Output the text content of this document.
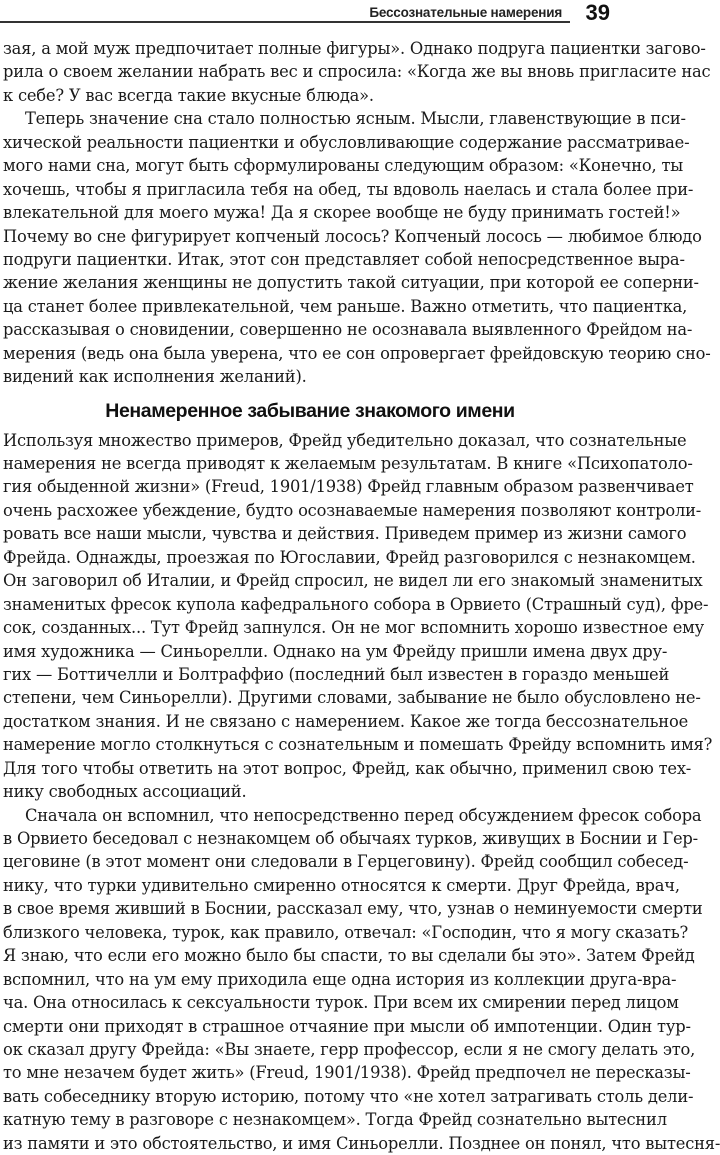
Бессознательные намерения 39
зая, а мой муж предпочитает полные фигуры». Однако подруга пациентки загово-
рила о своем желании набрать вес и спросила: «Когда же вы вновь пригласите нас
к себе? У вас всегда такие вкусные блюда».
Теперь значение сна стало полностью ясным. Мысли, главенствующие в пси-
хической реальности пациентки и обусловливающие содержание рассматривае-
мого нами сна, могут быть сформулированы следующим образом: «Конечно, ты
хочешь, чтобы я пригласила тебя на обед, ты вдоволь наелась и стала более при-
влекательной для моего мужа! Да я скорее вообще не буду принимать гостей!»
Почему во сне фигурирует копченый лосось? Копченый лосось — любимое блюдо
подруги пациентки. Итак, этот сон представляет собой непосредственное выра-
жение желания женщины не допустить такой ситуации, при которой ее соперни-
ца станет более привлекательной, чем раньше. Важно отметить, что пациентка,
рассказывая о сновидении, совершенно не осознавала выявленного Фрейдом на-
мерения (ведь она была уверена, что ее сон опровергает фрейдовскую теорию сно-
видений как исполнения желаний).
Ненамеренное забывание знакомого имени
Используя множество примеров, Фрейд убедительно доказал, что сознательные
намерения не всегда приводят к желаемым результатам. В книге «Психопатоло-
гия обыденной жизни» (Freud, 1901/1938) Фрейд главным образом развенчивает
очень расхожее убеждение, будто осознаваемые намерения позволяют контроли-
ровать все наши мысли, чувства и действия. Приведем пример из жизни самого
Фрейда. Однажды, проезжая по Югославии, Фрейд разговорился с незнакомцем.
Он заговорил об Италии, и Фрейд спросил, не видел ли его знакомый знаменитых
знаменитых фресок купола кафедрального собора в Орвието (Страшный суд), фре-
сок, созданных... Тут Фрейд запнулся. Он не мог вспомнить хорошо известное ему
имя художника — Синьорелли. Однако на ум Фрейду пришли имена двух дру-
гих — Боттичелли и Болтраффио (последний был известен в гораздо меньшей
степени, чем Синьорелли). Другими словами, забывание не было обусловлено не-
достатком знания. И не связано с намерением. Какое же тогда бессознательное
намерение могло столкнуться с сознательным и помешать Фрейду вспомнить имя?
Для того чтобы ответить на этот вопрос, Фрейд, как обычно, применил свою тех-
нику свободных ассоциаций.
Сначала он вспомнил, что непосредственно перед обсуждением фресок собора
в Орвието беседовал с незнакомцем об обычаях турков, живущих в Боснии и Гер-
цеговине (в этот момент они следовали в Герцеговину). Фрейд сообщил собесед-
нику, что турки удивительно смиренно относятся к смерти. Друг Фрейда, врач,
в свое время живший в Боснии, рассказал ему, что, узнав о неминуемости смерти
близкого человека, турок, как правило, отвечал: «Господин, что я могу сказать?
Я знаю, что если его можно было бы спасти, то вы сделали бы это». Затем Фрейд
вспомнил, что на ум ему приходила еще одна история из коллекции друга-вра-
ча. Она относилась к сексуальности турок. При всем их смирении перед лицом
смерти они приходят в страшное отчаяние при мысли об импотенции. Один тур-
ок сказал другу Фрейда: «Вы знаете, герр профессор, если я не смогу делать это,
то мне незачем будет жить» (Freud, 1901/1938). Фрейд предпочел не пересказы-
вать собеседнику вторую историю, потому что «не хотел затрагивать столь дели-
катную тему в разговоре с незнакомцем». Тогда Фрейд сознательно вытеснил
из памяти и это обстоятельство, и имя Синьорелли. Позднее он понял, что вытесня-
